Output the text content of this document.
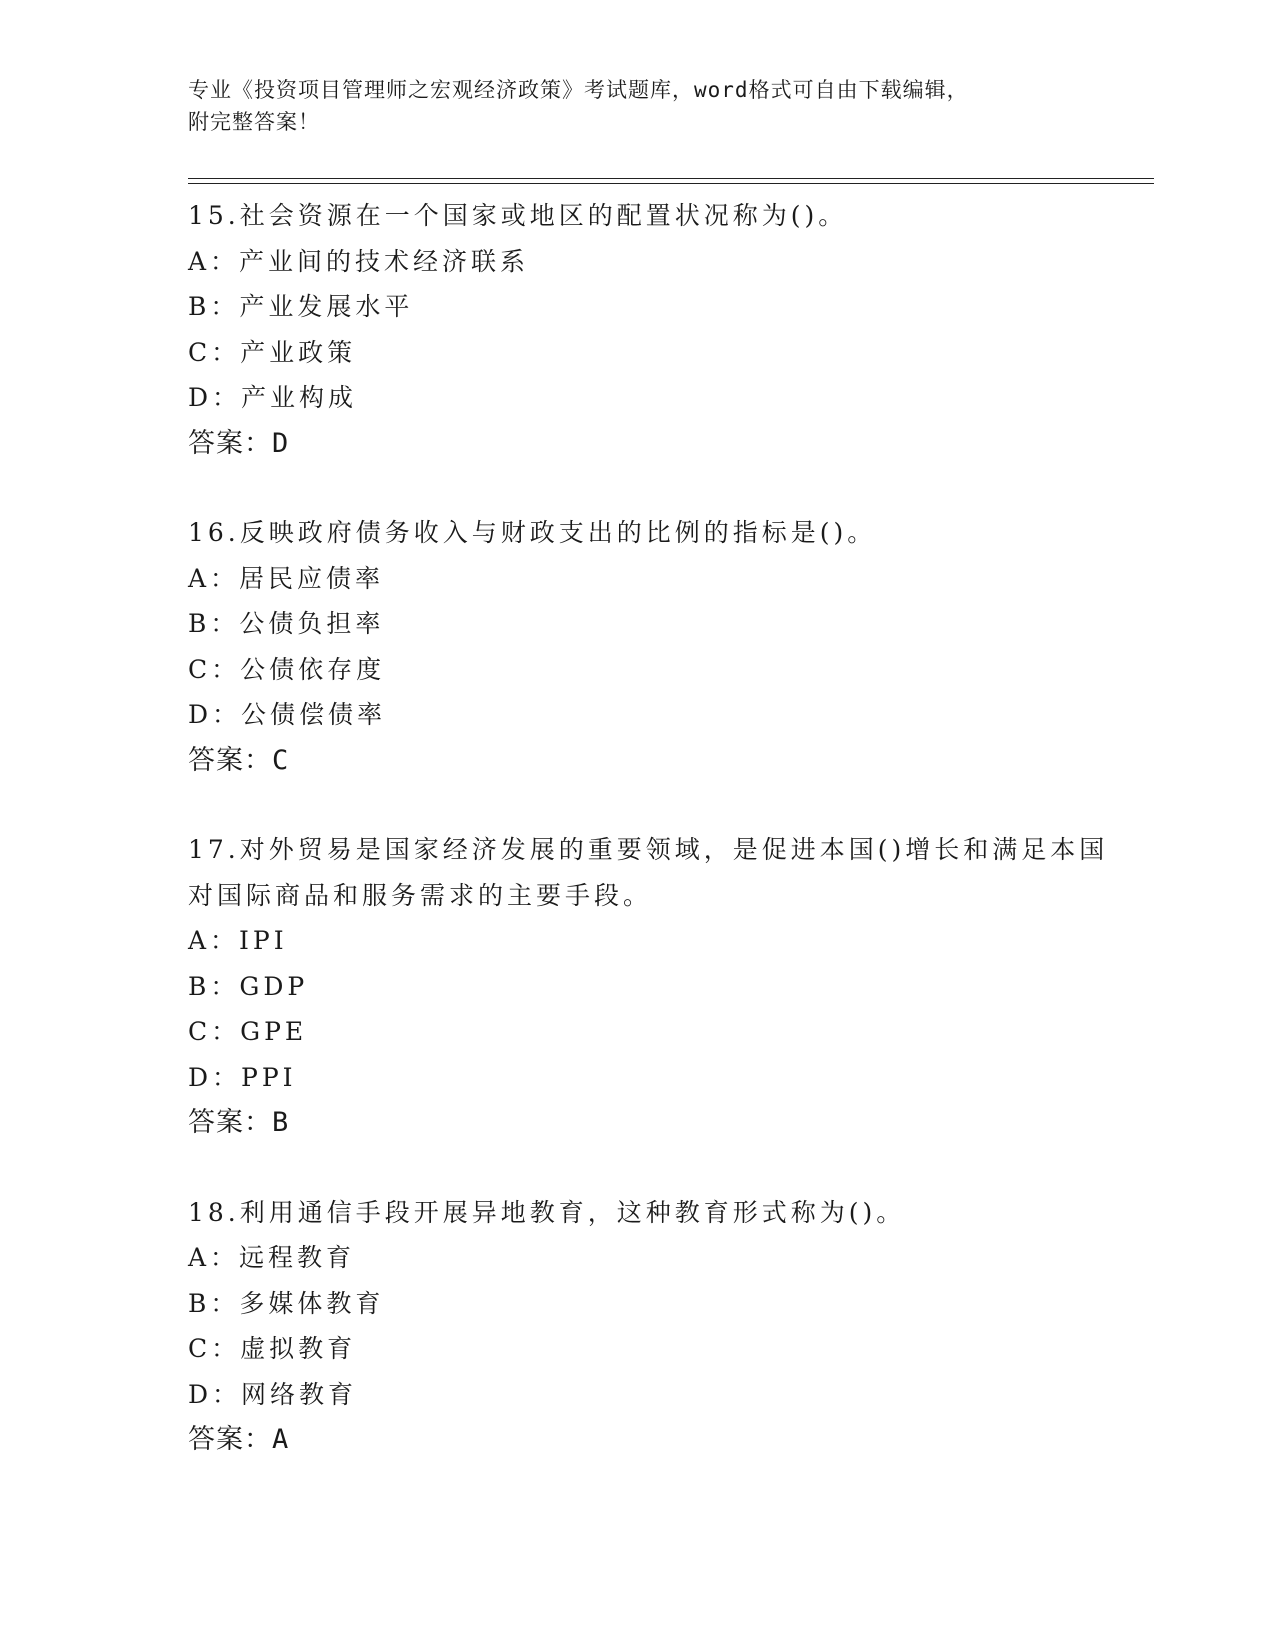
专业《投资项目管理师之宏观经济政策》考试题库，word格式可自由下载编辑，
附完整答案！
15.社会资源在一个国家或地区的配置状况称为()。
A：产业间的技术经济联系
B：产业发展水平
C：产业政策
D：产业构成
答案：D
16.反映政府债务收入与财政支出的比例的指标是()。
A：居民应债率
B：公债负担率
C：公债依存度
D：公债偿债率
答案：C
17.对外贸易是国家经济发展的重要领域，是促进本国()增长和满足本国对国际商品和服务需求的主要手段。
A：IPI
B：GDP
C：GPE
D：PPI
答案：B
18.利用通信手段开展异地教育，这种教育形式称为()。
A：远程教育
B：多媒体教育
C：虚拟教育
D：网络教育
答案：A
